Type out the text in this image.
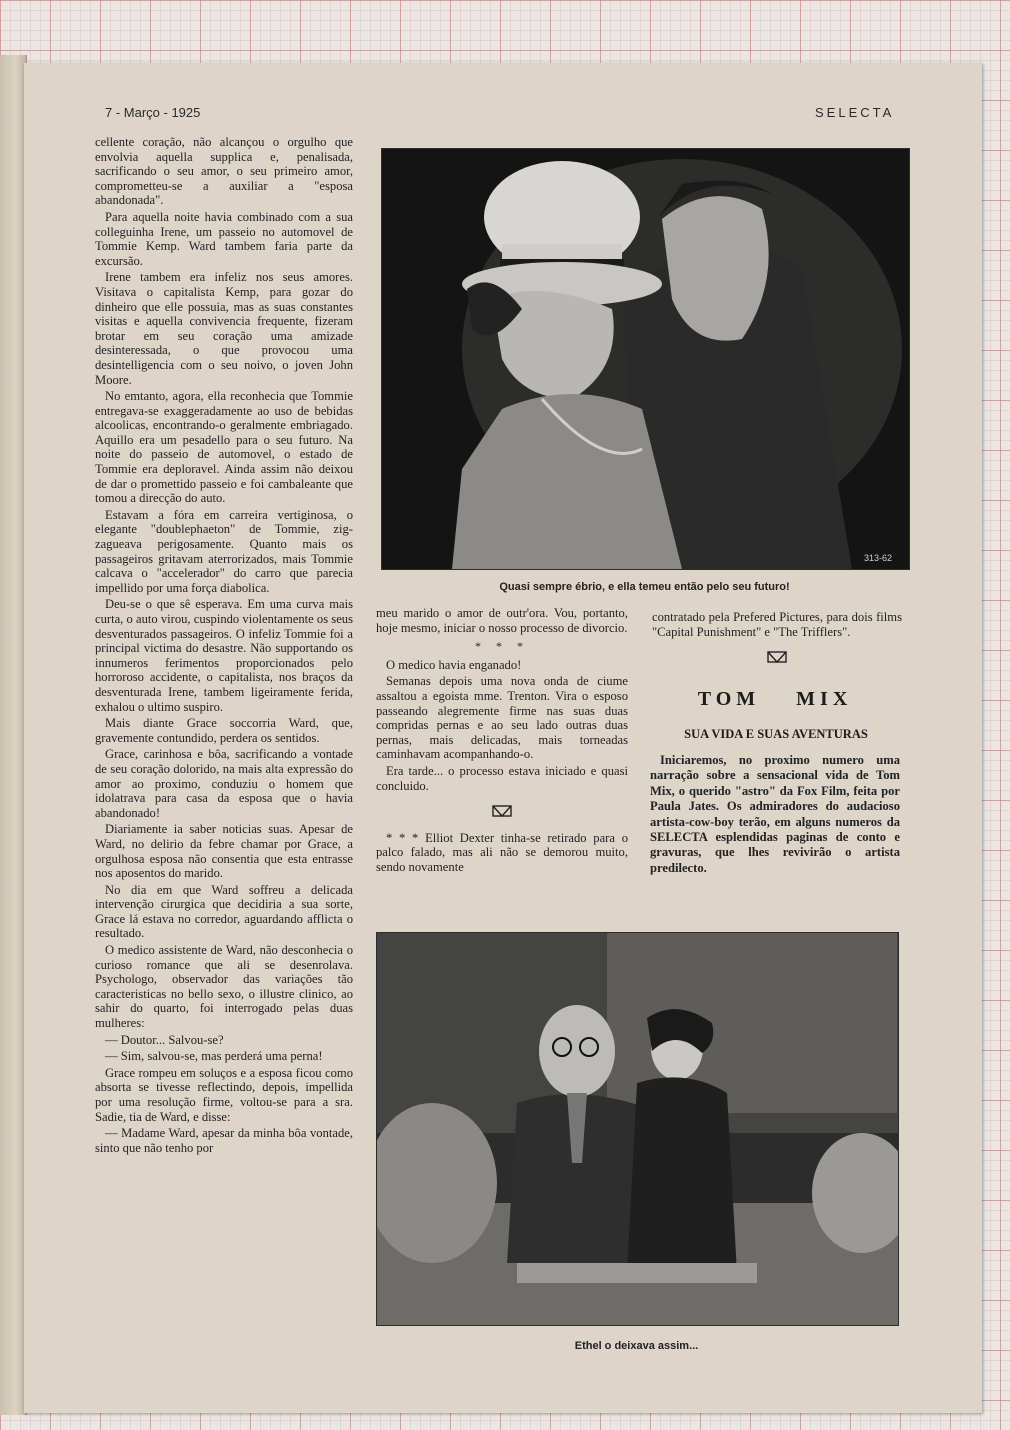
7 - Março - 1925	SELECTA

cellente coração, não alcançou o orgulho que envolvia aquella supplica e, penalisada, sacrificando o seu amor, o seu primeiro amor, comprometteu-se a auxiliar a "esposa abandonada".

Para aquella noite havia combinado com a sua colleguinha Irene, um passeio no automovel de Tommie Kemp. Ward tambem faria parte da excursão.

Irene tambem era infeliz nos seus amores. Visitava o capitalista Kemp, para gozar do dinheiro que elle possuia, mas as suas constantes visitas e aquella convivencia frequente, fizeram brotar em seu coração uma amizade desinteressada, o que provocou uma desintelligencia com o seu noivo, o joven John Moore.

No emtanto, agora, ella reconhecia que Tommie entregava-se exaggeradamente ao uso de bebidas alcoolicas, encontrando-o geralmente embriagado. Aquillo era um pesadello para o seu futuro. Na noite do passeio de automovel, o estado de Tommie era deploravel. Ainda assim não deixou de dar o promettido passeio e foi cambaleante que tomou a direcção do auto.

Estavam a fóra em carreira vertiginosa, o elegante "doublephaeton" de Tommie, zig-zagueava perigosamente. Quanto mais os passageiros gritavam aterrorizados, mais Tommie calcava o "accelerador" do carro que parecia impellido por uma força diabolica.

Deu-se o que sê esperava. Em uma curva mais curta, o auto virou, cuspindo violentamente os seus desventurados passageiros. O infeliz Tommie foi a principal victima do desastre. Não supportando os innumeros ferimentos proporcionados pelo horroroso accidente, o capitalista, nos braços da desventurada Irene, tambem ligeiramente ferida, exhalou o ultimo suspiro.

Mais diante Grace soccorria Ward, que, gravemente contundido, perdera os sentidos.

Grace, carinhosa e bôa, sacrificando a vontade de seu coração dolorido, na mais alta expressão do amor ao proximo, conduziu o homem que idolatrava para casa da esposa que o havia abandonado!

Diariamente ia saber noticias suas. Apesar de Ward, no delirio da febre chamar por Grace, a orgulhosa esposa não consentia que esta entrasse nos aposentos do marido.

No dia em que Ward soffreu a delicada intervenção cirurgica que decidiria a sua sorte, Grace lá estava no corredor, aguardando afflicta o resultado.

O medico assistente de Ward, não desconhecia o curioso romance que ali se desenrolava. Psychologo, observador das variações tão caracteristicas no bello sexo, o illustre clinico, ao sahir do quarto, foi interrogado pelas duas mulheres:

— Doutor... Salvou-se?

— Sim, salvou-se, mas perderá uma perna!

Grace rompeu em soluços e a esposa ficou como absorta se tivesse reflectindo, depois, impellida por uma resolução firme, voltou-se para a sra. Sadie, tia de Ward, e disse:

— Madame Ward, apesar da minha bôa vontade, sinto que não tenho por

313-62

Quasi sempre ébrio, e ella temeu então pelo seu futuro!

meu marido o amor de outr'ora. Vou, portanto, hoje mesmo, iniciar o nosso processo de divorcio.

* * *

O medico havia enganado!

Semanas depois uma nova onda de ciume assaltou a egoista mme. Trenton. Vira o esposo passeando alegremente firme nas suas duas compridas pernas e ao seu lado outras duas pernas, mais delicadas, mais torneadas caminhavam acompanhando-o.

Era tarde... o processo estava iniciado e quasi concluido.

* * * Elliot Dexter tinha-se retirado para o palco falado, mas ali não se demorou muito, sendo novamente

contratado pela Prefered Pictures, para dois films "Capital Punishment" e "The Trifflers".

TOM MIX

SUA VIDA E SUAS AVENTURAS

Iniciaremos, no proximo numero uma narração sobre a sensacional vida de Tom Mix, o querido "astro" da Fox Film, feita por Paula Jates. Os admiradores do audacioso artista-cow-boy terão, em alguns numeros da SELECTA esplendidas paginas de conto e gravuras, que lhes revivirão o artista predilecto.

Ethel o deixava assim...
